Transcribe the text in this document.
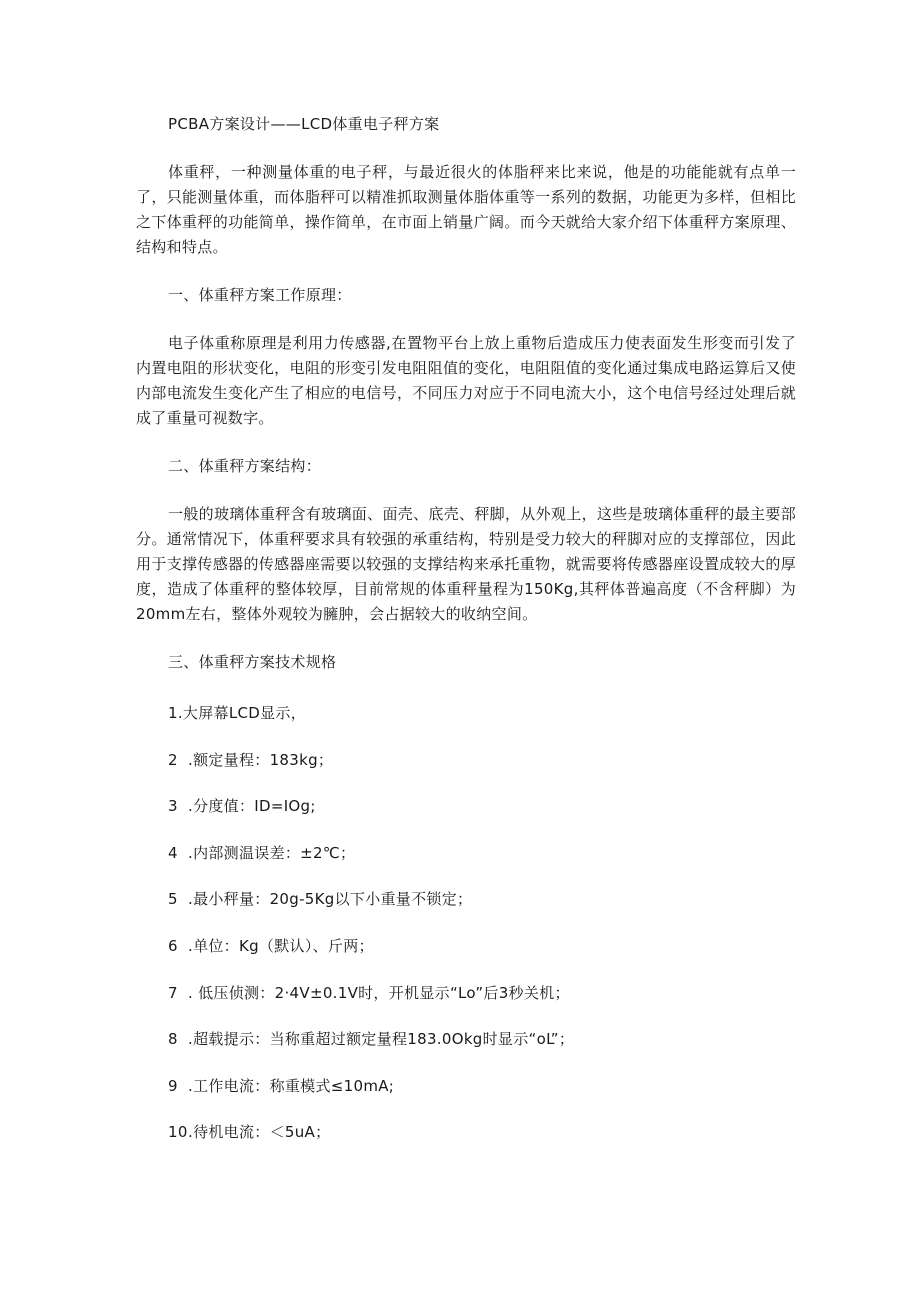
PCBA方案设计——LCD体重电子秤方案

体重秤，一种测量体重的电子秤，与最近很火的体脂秤来比来说，他是的功能能就有点单一了，只能测量体重，而体脂秤可以精准抓取测量体脂体重等一系列的数据，功能更为多样，但相比之下体重秤的功能简单，操作简单，在市面上销量广阔。而今天就给大家介绍下体重秤方案原理、结构和特点。

一、体重秤方案工作原理：

电子体重称原理是利用力传感器,在置物平台上放上重物后造成压力使表面发生形变而引发了内置电阻的形状变化，电阻的形变引发电阻阻值的变化，电阻阻值的变化通过集成电路运算后又使内部电流发生变化产生了相应的电信号，不同压力对应于不同电流大小，这个电信号经过处理后就成了重量可视数字。

二、体重秤方案结构：

一般的玻璃体重秤含有玻璃面、面壳、底壳、秤脚，从外观上，这些是玻璃体重秤的最主要部分。通常情况下，体重秤要求具有较强的承重结构，特别是受力较大的秤脚对应的支撑部位，因此用于支撑传感器的传感器座需要以较强的支撑结构来承托重物，就需要将传感器座设置成较大的厚度，造成了体重秤的整体较厚，目前常规的体重秤量程为150Kg,其秤体普遍高度（不含秤脚）为20mm左右，整体外观较为臃肿，会占据较大的收纳空间。

三、体重秤方案技术规格
1. 大屏幕LCD显示，
2 .额定量程：183kg；
3 .分度值：ID=IOg;
4 .内部测温误差：±2℃；
5 .最小秤量：20g-5Kg以下小重量不锁定；
6 .单位：Kg（默认）、斤两；
7 . 低压侦测：2·4V±0.1V时，开机显示“Lo”后3秒关机；
8 .超载提示：当称重超过额定量程183.0Okg时显示“oL”；
9 .工作电流：称重模式≤10mA;
10 .待机电流：＜5uA；
